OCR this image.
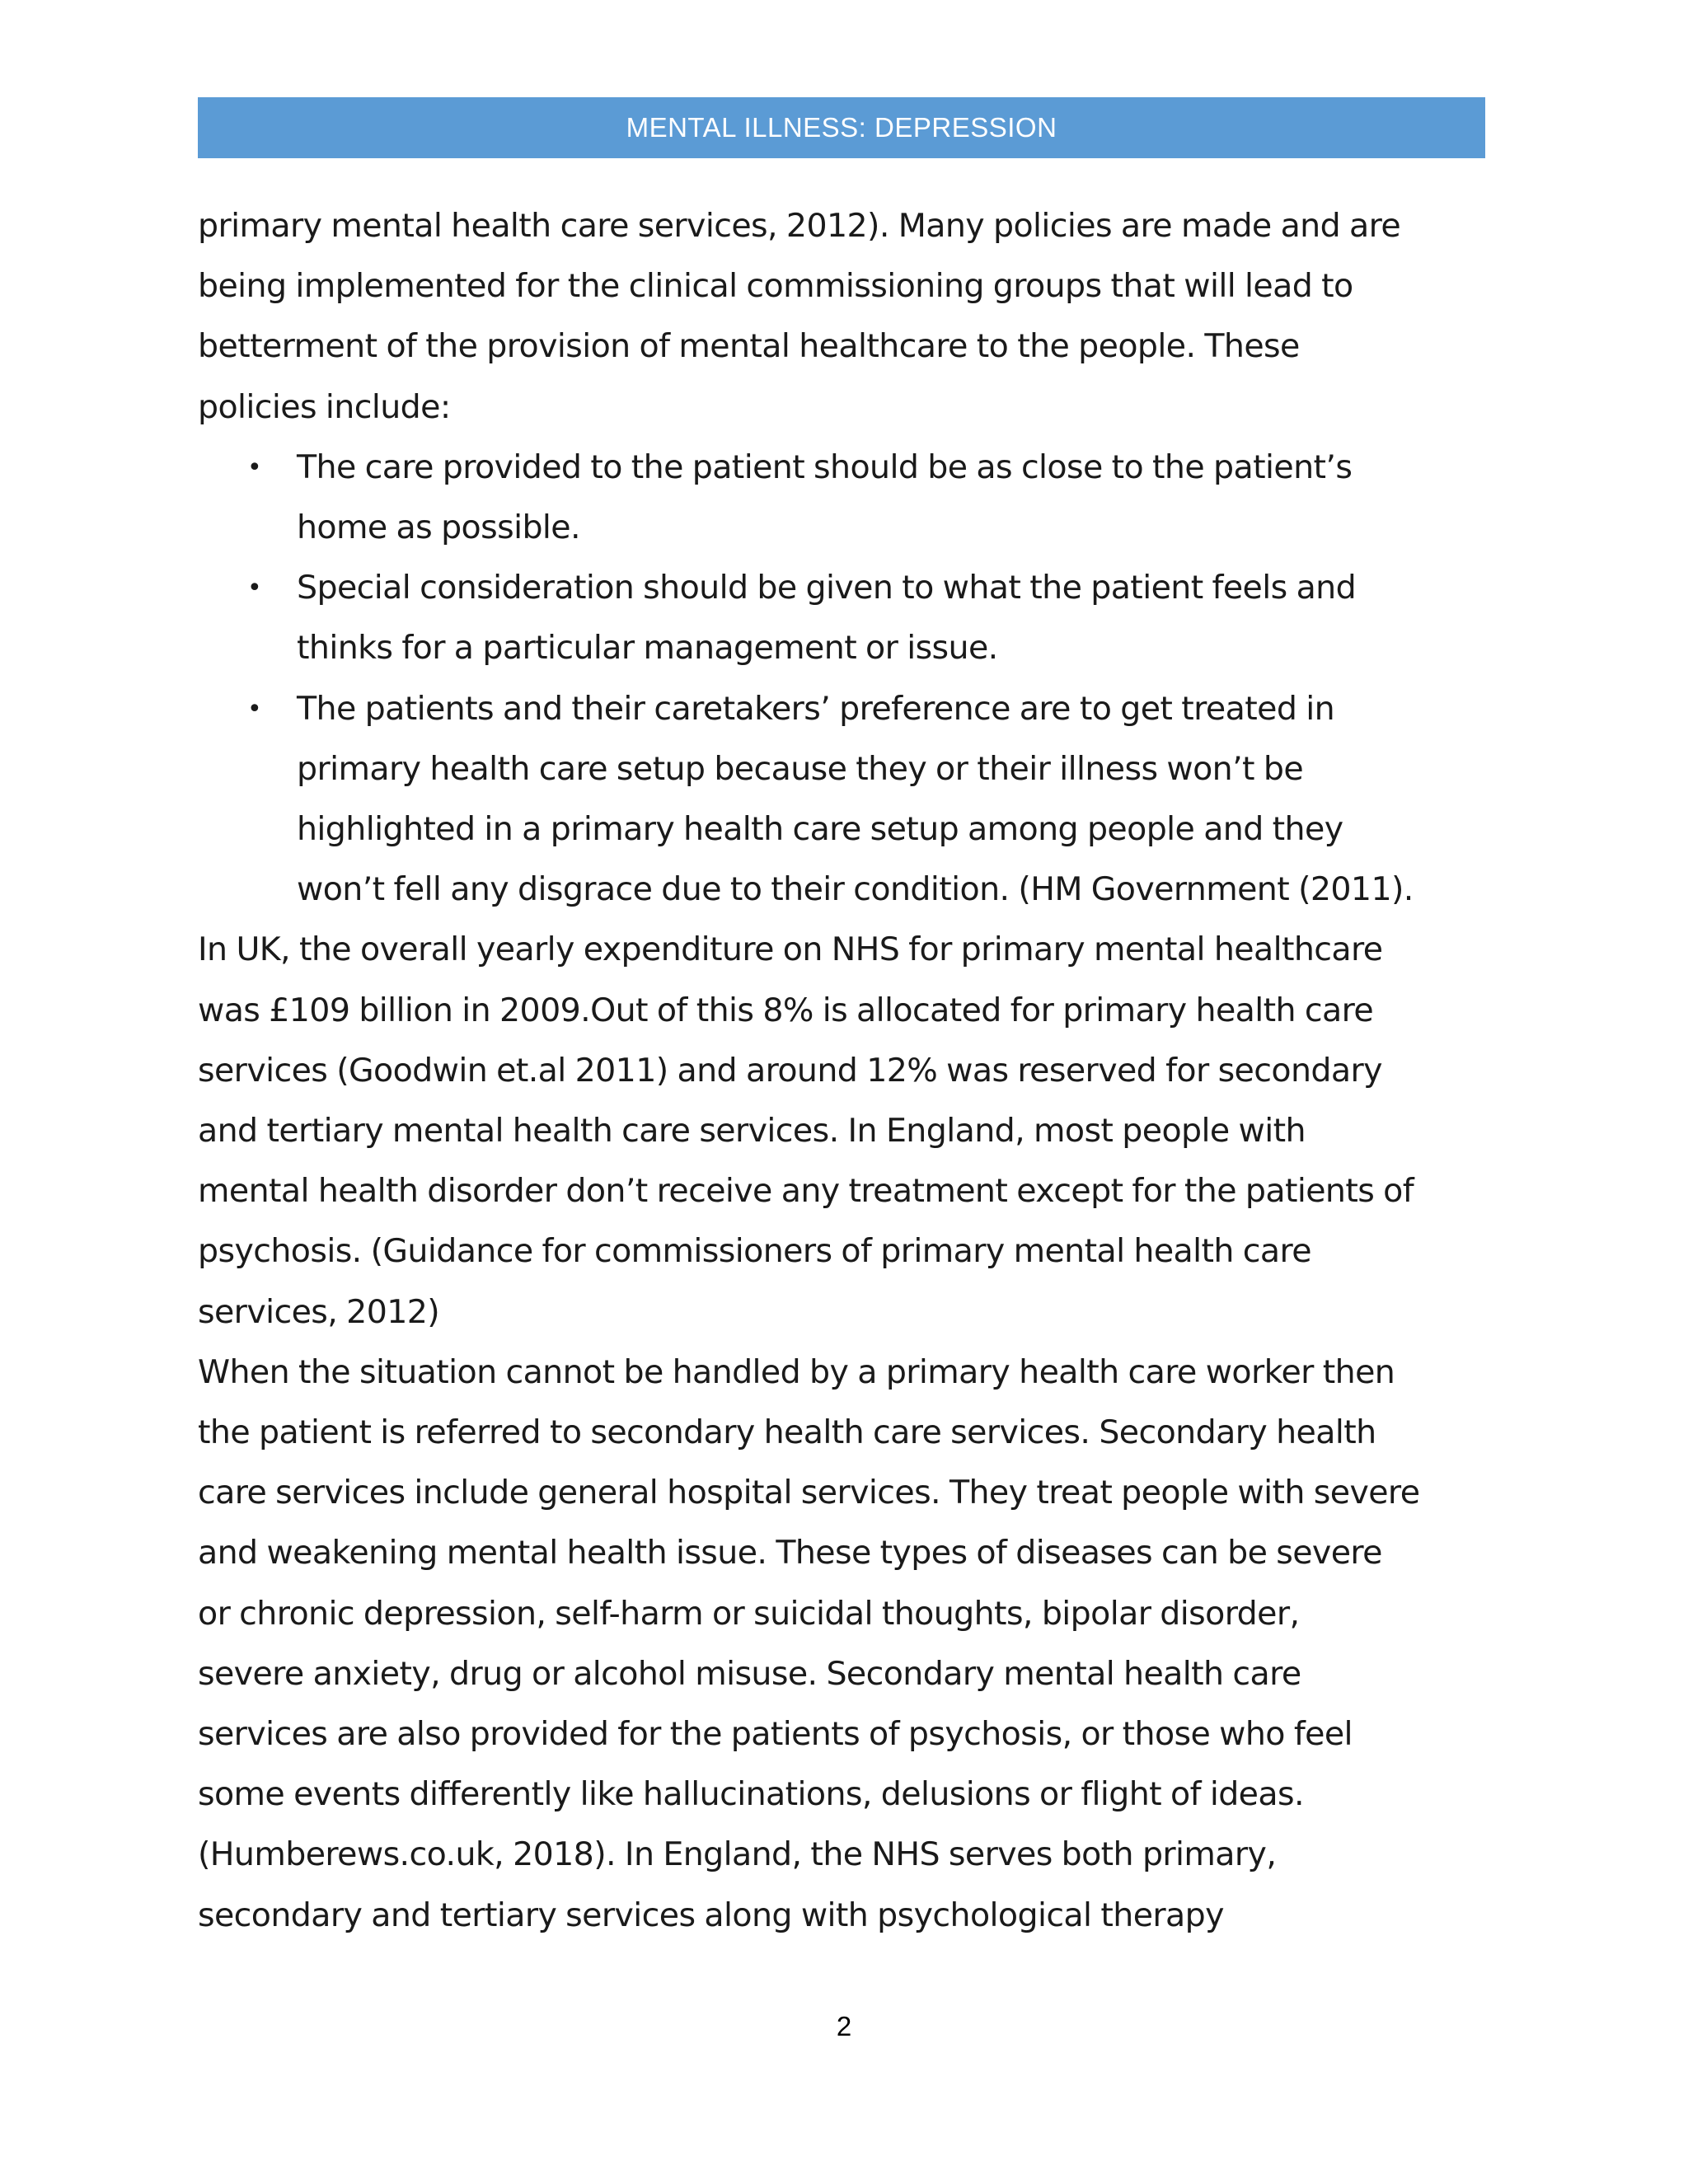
MENTAL ILLNESS: DEPRESSION
primary mental health care services, 2012). Many policies are made and are
being implemented for the clinical commissioning groups that will lead to
betterment of the provision of mental healthcare to the people. These
policies include:
• The care provided to the patient should be as close to the patient’s
home as possible.
• Special consideration should be given to what the patient feels and
thinks for a particular management or issue.
• The patients and their caretakers’ preference are to get treated in
primary health care setup because they or their illness won’t be
highlighted in a primary health care setup among people and they
won’t fell any disgrace due to their condition. (HM Government (2011).
In UK, the overall yearly expenditure on NHS for primary mental healthcare
was £109 billion in 2009.Out of this 8% is allocated for primary health care
services (Goodwin et.al 2011) and around 12% was reserved for secondary
and tertiary mental health care services. In England, most people with
mental health disorder don’t receive any treatment except for the patients of
psychosis. (Guidance for commissioners of primary mental health care
services, 2012)
When the situation cannot be handled by a primary health care worker then
the patient is referred to secondary health care services. Secondary health
care services include general hospital services. They treat people with severe
and weakening mental health issue. These types of diseases can be severe
or chronic depression, self-harm or suicidal thoughts, bipolar disorder,
severe anxiety, drug or alcohol misuse. Secondary mental health care
services are also provided for the patients of psychosis, or those who feel
some events differently like hallucinations, delusions or flight of ideas.
(Humberews.co.uk, 2018). In England, the NHS serves both primary,
secondary and tertiary services along with psychological therapy
2
